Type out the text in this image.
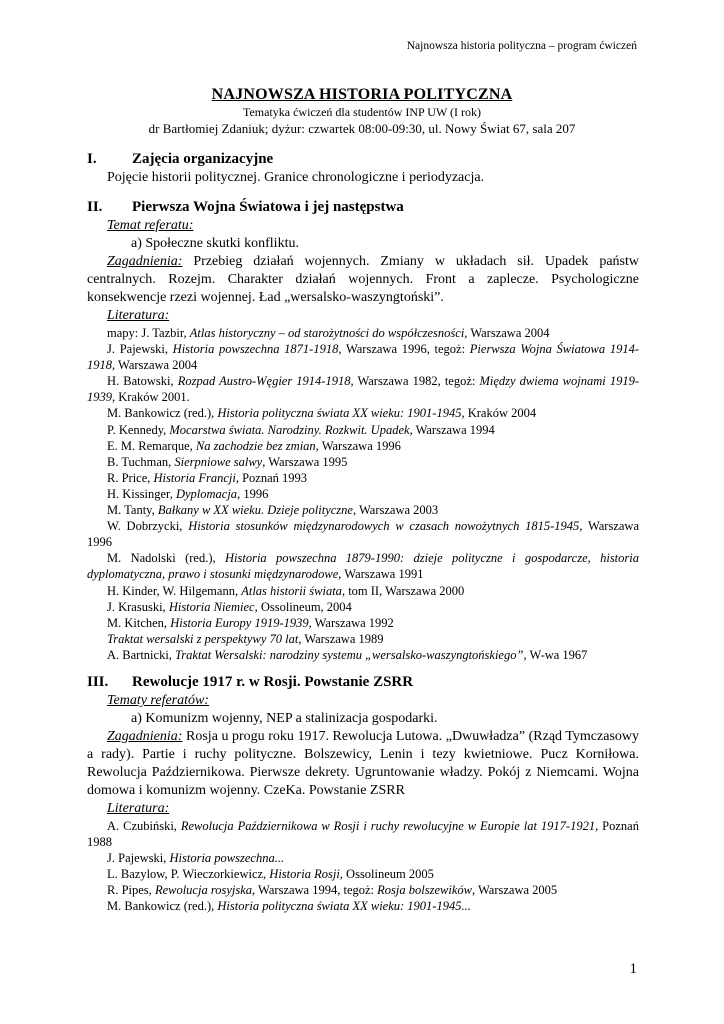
Najnowsza historia polityczna – program ćwiczeń
NAJNOWSZA HISTORIA POLITYCZNA
Tematyka ćwiczeń dla studentów INP UW (I rok)
dr Bartłomiej Zdaniuk; dyżur: czwartek 08:00-09:30, ul. Nowy Świat 67, sala 207
I.	Zajęcia organizacyjne

Pojęcie historii politycznej. Granice chronologiczne i periodyzacja.

II.	Pierwsza Wojna Światowa i jej następstwa

Temat referatu:

a) Społeczne skutki konfliktu.

Zagadnienia: Przebieg działań wojennych. Zmiany w układach sił. Upadek państw centralnych. Rozejm. Charakter działań wojennych. Front a zaplecze. Psychologiczne konsekwencje rzezi wojennej. Ład „wersalsko-waszyngtoński”.

Literatura:

mapy: J. Tazbir, Atlas historyczny – od starożytności do współczesności, Warszawa 2004

J. Pajewski, Historia powszechna 1871-1918, Warszawa 1996, tegoż: Pierwsza Wojna Światowa 1914-1918, Warszawa 2004

H. Batowski, Rozpad Austro-Węgier 1914-1918, Warszawa 1982, tegoż: Między dwiema wojnami 1919-1939, Kraków 2001.

M. Bankowicz (red.), Historia polityczna świata XX wieku: 1901-1945, Kraków 2004

P. Kennedy, Mocarstwa świata. Narodziny. Rozkwit. Upadek, Warszawa 1994

E. M. Remarque, Na zachodzie bez zmian, Warszawa 1996

B. Tuchman, Sierpniowe salwy, Warszawa 1995

R. Price, Historia Francji, Poznań 1993

H. Kissinger, Dyplomacja, 1996

M. Tanty, Bałkany w XX wieku. Dzieje polityczne, Warszawa 2003

W. Dobrzycki, Historia stosunków międzynarodowych w czasach nowożytnych 1815-1945, Warszawa 1996

M. Nadolski (red.), Historia powszechna 1879-1990: dzieje polityczne i gospodarcze, historia dyplomatyczna, prawo i stosunki międzynarodowe, Warszawa 1991

H. Kinder, W. Hilgemann, Atlas historii świata, tom II, Warszawa 2000

J. Krasuski, Historia Niemiec, Ossolineum, 2004

M. Kitchen, Historia Europy 1919-1939, Warszawa 1992

Traktat wersalski z perspektywy 70 lat, Warszawa 1989

A. Bartnicki, Traktat Wersalski: narodziny systemu „wersalsko-waszyngtońskiego”, W-wa 1967

III.	Rewolucje 1917 r. w Rosji. Powstanie ZSRR

Tematy referatów:

a) Komunizm wojenny, NEP a stalinizacja gospodarki.

Zagadnienia: Rosja u progu roku 1917. Rewolucja Lutowa. „Dwuwładza” (Rząd Tymczasowy a rady). Partie i ruchy polityczne. Bolszewicy, Lenin i tezy kwietniowe. Pucz Korniłowa. Rewolucja Październikowa. Pierwsze dekrety. Ugruntowanie władzy. Pokój z Niemcami. Wojna domowa i komunizm wojenny. CzeKa. Powstanie ZSRR

Literatura:

A. Czubiński, Rewolucja Październikowa w Rosji i ruchy rewolucyjne w Europie lat 1917-1921, Poznań 1988

J. Pajewski, Historia powszechna...

L. Bazylow, P. Wieczorkiewicz, Historia Rosji, Ossolineum 2005

R. Pipes, Rewolucja rosyjska, Warszawa 1994, tegoż: Rosja bolszewików, Warszawa 2005

M. Bankowicz (red.), Historia polityczna świata XX wieku: 1901-1945...

1
